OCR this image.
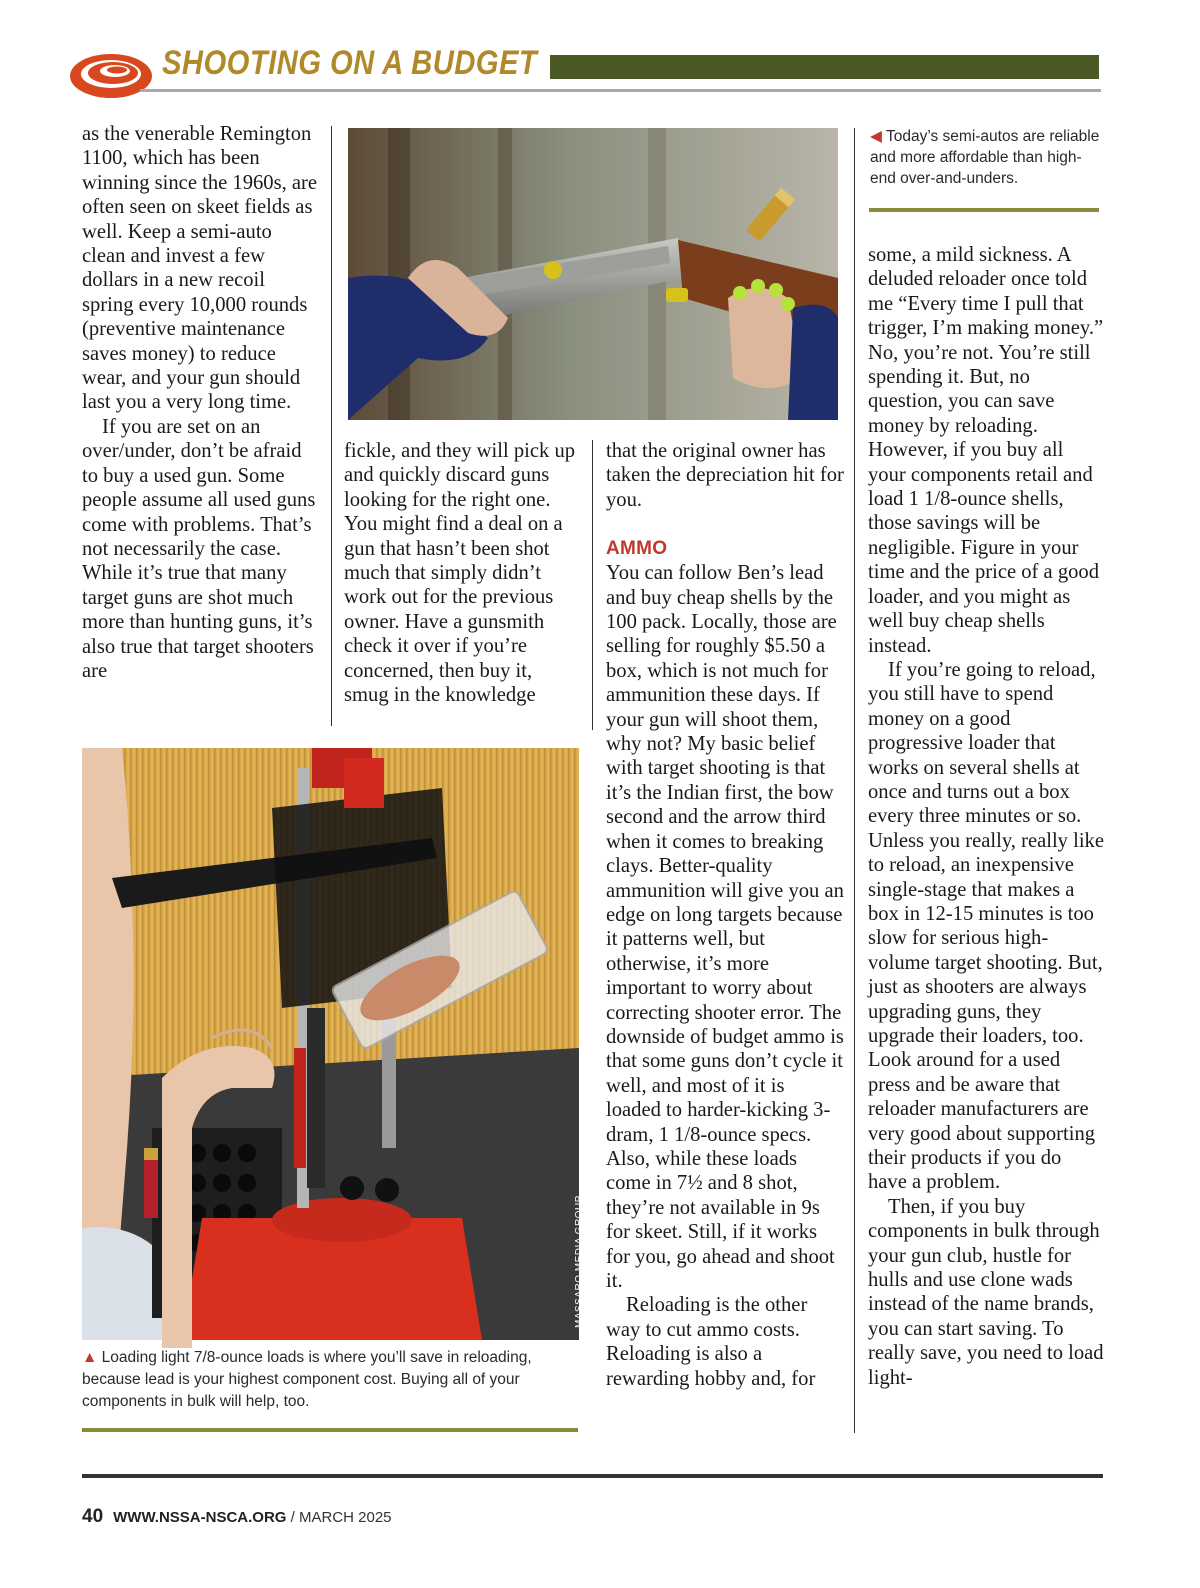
SHOOTING ON A BUDGET

as the venerable Remington 1100, which has been winning since the 1960s, are often seen on skeet fields as well. Keep a semi-auto clean and invest a few dollars in a new recoil spring every 10,000 rounds (preventive maintenance saves money) to reduce wear, and your gun should last you a very long time.

If you are set on an over/under, don’t be afraid to buy a used gun. Some people assume all used guns come with problems. That’s not necessarily the case. While it’s true that many target guns are shot much more than hunting guns, it’s also true that target shooters are

◀ Today’s semi-autos are reliable and more affordable than high-end over-and-unders.

fickle, and they will pick up and quickly discard guns looking for the right one. You might find a deal on a gun that hasn’t been shot much that simply didn’t work out for the previous owner. Have a gunsmith check it over if you’re concerned, then buy it, smug in the knowledge

that the original owner has taken the depreciation hit for you.

AMMO

You can follow Ben’s lead and buy cheap shells by the 100 pack. Locally, those are selling for roughly $5.50 a box, which is not much for ammunition these days. If your gun will shoot them, why not? My basic belief with target shooting is that it’s the Indian first, the bow second and the arrow third when it comes to breaking clays. Better-quality ammunition will give you an edge on long targets because it patterns well, but otherwise, it’s more important to worry about correcting shooter error. The downside of budget ammo is that some guns don’t cycle it well, and most of it is loaded to harder-kicking 3-dram, 1 1/8-ounce specs. Also, while these loads come in 7½ and 8 shot, they’re not available in 9s for skeet. Still, if it works for you, go ahead and shoot it.

Reloading is the other way to cut ammo costs. Reloading is also a rewarding hobby and, for

some, a mild sickness. A deluded reloader once told me “Every time I pull that trigger, I’m making money.” No, you’re not. You’re still spending it. But, no question, you can save money by reloading. However, if you buy all your components retail and load 1 1/8-ounce shells, those savings will be negligible. Figure in your time and the price of a good loader, and you might as well buy cheap shells instead.

If you’re going to reload, you still have to spend money on a good progressive loader that works on several shells at once and turns out a box every three minutes or so. Unless you really, really like to reload, an inexpensive single-stage that makes a box in 12-15 minutes is too slow for serious high-volume target shooting. But, just as shooters are always upgrading guns, they upgrade their loaders, too. Look around for a used press and be aware that reloader manufacturers are very good about supporting their products if you do have a problem.

Then, if you buy components in bulk through your gun club, hustle for hulls and use clone wads instead of the name brands, you can start saving. To really save, you need to load light-

MASSARO MEDIA GROUP

▲ Loading light 7/8-ounce loads is where you’ll save in reloading, because lead is your highest component cost. Buying all of your components in bulk will help, too.

40 WWW.NSSA-NSCA.ORG / MARCH 2025
